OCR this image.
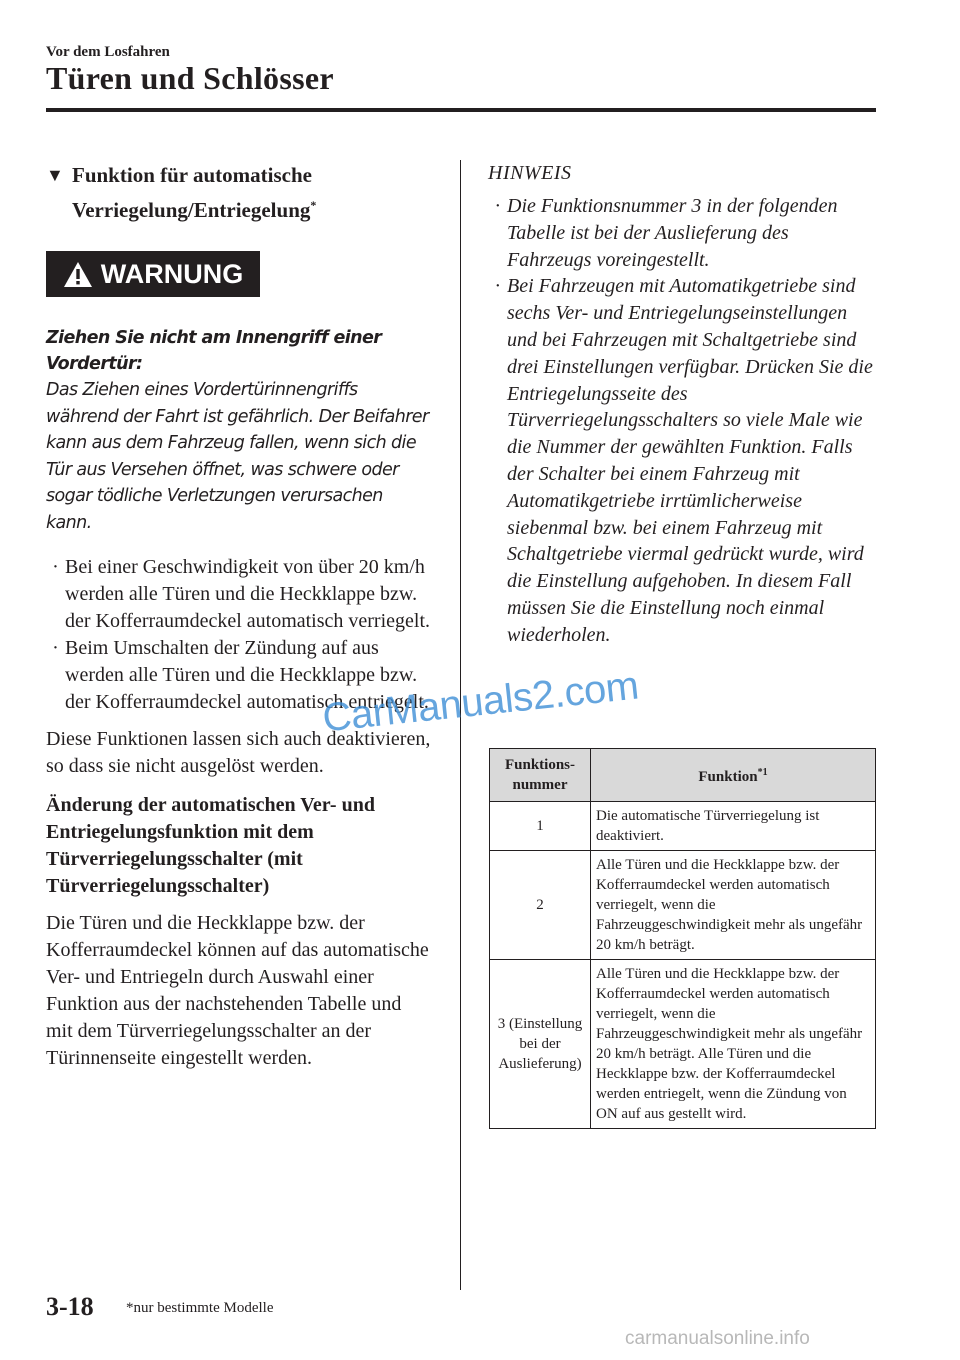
Vor dem Losfahren
Türen und Schlösser
▼ Funktion für automatische
Verriegelung/Entriegelung*
WARNUNG
Ziehen Sie nicht am Innengriff einer Vordertür:
Das Ziehen eines Vordertürinnengriffs während der Fahrt ist gefährlich. Der Beifahrer kann aus dem Fahrzeug fallen, wenn sich die Tür aus Versehen öffnet, was schwere oder sogar tödliche Verletzungen verursachen kann.
· Bei einer Geschwindigkeit von über 20 km/h werden alle Türen und die Heckklappe bzw. der Kofferraumdeckel automatisch verriegelt.
· Beim Umschalten der Zündung auf aus werden alle Türen und die Heckklappe bzw. der Kofferraumdeckel automatisch entriegelt.
Diese Funktionen lassen sich auch deaktivieren, so dass sie nicht ausgelöst werden.
Änderung der automatischen Ver- und Entriegelungsfunktion mit dem Türverriegelungsschalter (mit Türverriegelungsschalter)
Die Türen und die Heckklappe bzw. der Kofferraumdeckel können auf das automatische Ver- und Entriegeln durch Auswahl einer Funktion aus der nachstehenden Tabelle und mit dem Türverriegelungsschalter an der Türinnenseite eingestellt werden.
HINWEIS
· Die Funktionsnummer 3 in der folgenden Tabelle ist bei der Auslieferung des Fahrzeugs voreingestellt.
· Bei Fahrzeugen mit Automatikgetriebe sind sechs Ver- und Entriegelungseinstellungen und bei Fahrzeugen mit Schaltgetriebe sind drei Einstellungen verfügbar. Drücken Sie die Entriegelungsseite des Türverriegelungsschalters so viele Male wie die Nummer der gewählten Funktion. Falls der Schalter bei einem Fahrzeug mit Automatikgetriebe irrtümlicherweise siebenmal bzw. bei einem Fahrzeug mit Schaltgetriebe viermal gedrückt wurde, wird die Einstellung aufgehoben. In diesem Fall müssen Sie die Einstellung noch einmal wiederholen.
Funktions-nummer	Funktion$^{*1}$
1	Die automatische Türverriegelung ist deaktiviert.
2	Alle Türen und die Heckklappe bzw. der Kofferraumdeckel werden automatisch verriegelt, wenn die Fahrzeuggeschwindigkeit mehr als ungefähr 20 km/h beträgt.
3 (Einstellung bei der Auslieferung)	Alle Türen und die Heckklappe bzw. der Kofferraumdeckel werden automatisch verriegelt, wenn die Fahrzeuggeschwindigkeit mehr als ungefähr 20 km/h beträgt. Alle Türen und die Heckklappe bzw. der Kofferraumdeckel werden entriegelt, wenn die Zündung von ON auf aus gestellt wird.
3-18 *nur bestimmte Modelle
CarManuals2.com
carmanualsonline.info
